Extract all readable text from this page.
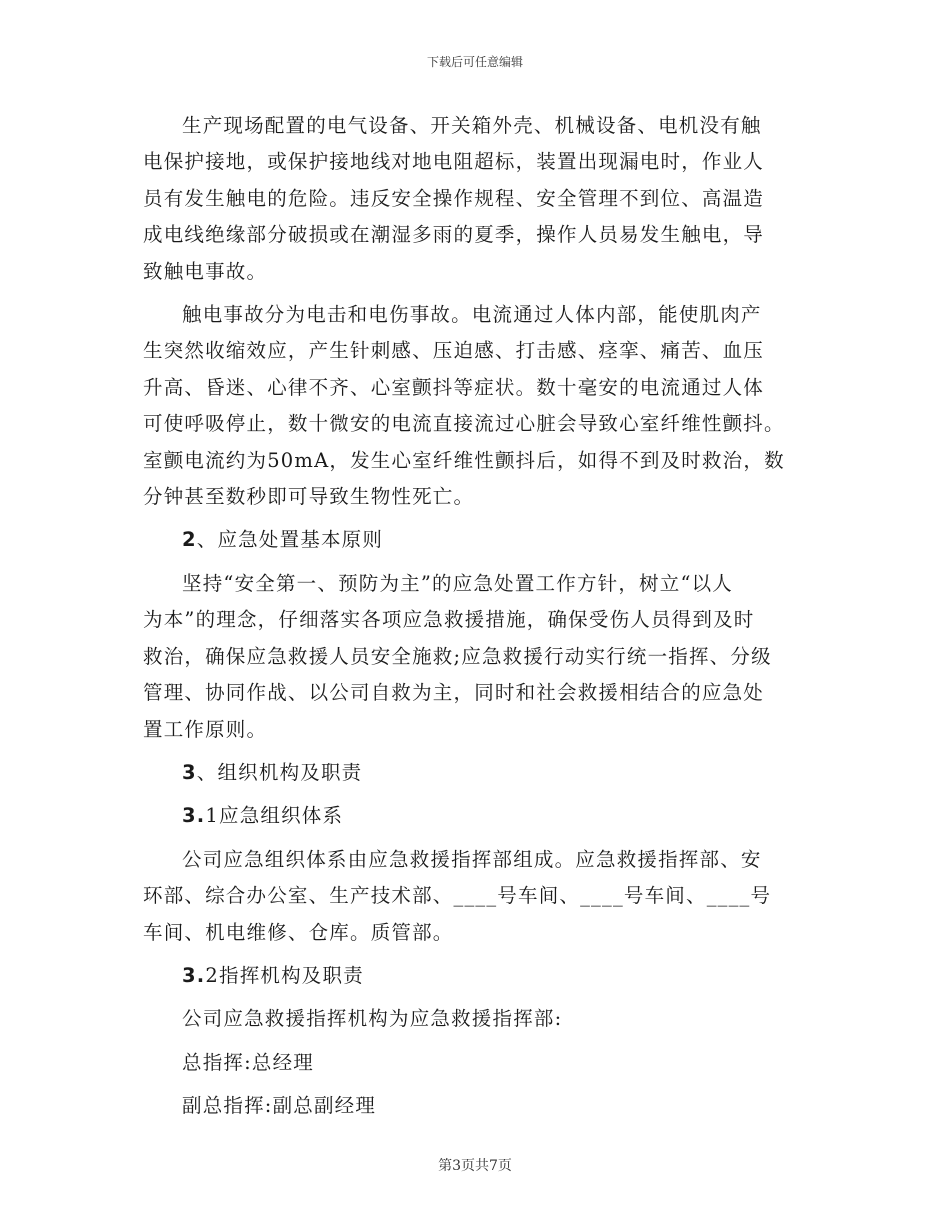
下载后可任意编辑

生产现场配置的电气设备、开关箱外壳、机械设备、电机没有触
电保护接地，或保护接地线对地电阻超标，装置出现漏电时，作业人
员有发生触电的危险。违反安全操作规程、安全管理不到位、高温造
成电线绝缘部分破损或在潮湿多雨的夏季，操作人员易发生触电，导
致触电事故。

触电事故分为电击和电伤事故。电流通过人体内部，能使肌肉产
生突然收缩效应，产生针刺感、压迫感、打击感、痉挛、痛苦、血压
升高、昏迷、心律不齐、心室颤抖等症状。数十毫安的电流通过人体
可使呼吸停止，数十微安的电流直接流过心脏会导致心室纤维性颤抖。
室颤电流约为50mA，发生心室纤维性颤抖后，如得不到及时救治，数
分钟甚至数秒即可导致生物性死亡。

2、应急处置基本原则

坚持“安全第一、预防为主”的应急处置工作方针，树立“以人
为本”的理念，仔细落实各项应急救援措施，确保受伤人员得到及时
救治，确保应急救援人员安全施救;应急救援行动实行统一指挥、分级
管理、协同作战、以公司自救为主，同时和社会救援相结合的应急处
置工作原则。

3、组织机构及职责

3.1应急组织体系

公司应急组织体系由应急救援指挥部组成。应急救援指挥部、安
环部、综合办公室、生产技术部、____号车间、____号车间、____号
车间、机电维修、仓库。质管部。

3.2指挥机构及职责

公司应急救援指挥机构为应急救援指挥部:

总指挥:总经理

副总指挥:副总副经理

第3页共7页
